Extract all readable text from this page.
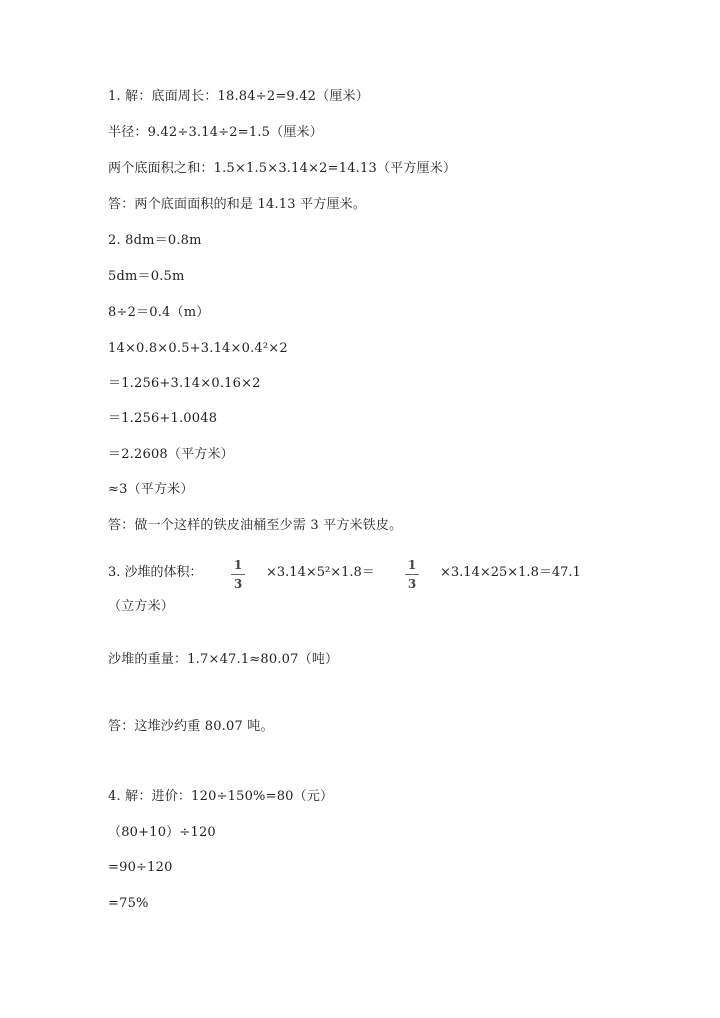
1. 解：底面周长：18.84÷2=9.42（厘米）
半径：9.42÷3.14÷2=1.5（厘米）
两个底面积之和：1.5×1.5×3.14×2=14.13（平方厘米）
答：两个底面面积的和是 14.13 平方厘米。
2. 8dm＝0.8m
5dm＝0.5m
8÷2＝0.4（m）
14×0.8×0.5+3.14×0.4²×2
＝1.256+3.14×0.16×2
＝1.256+1.0048
＝2.2608（平方米）
≈3（平方米）
答：做一个这样的铁皮油桶至少需 3 平方米铁皮。
3. 沙堆的体积：	1
3
×3.14×5²×1.8＝	1
3
×3.14×25×1.8＝47.1
（立方米）
沙堆的重量：1.7×47.1≈80.07（吨）
答：这堆沙约重 80.07 吨。
4. 解：进价：120÷150%=80（元）
（80+10）÷120
=90÷120
=75%
